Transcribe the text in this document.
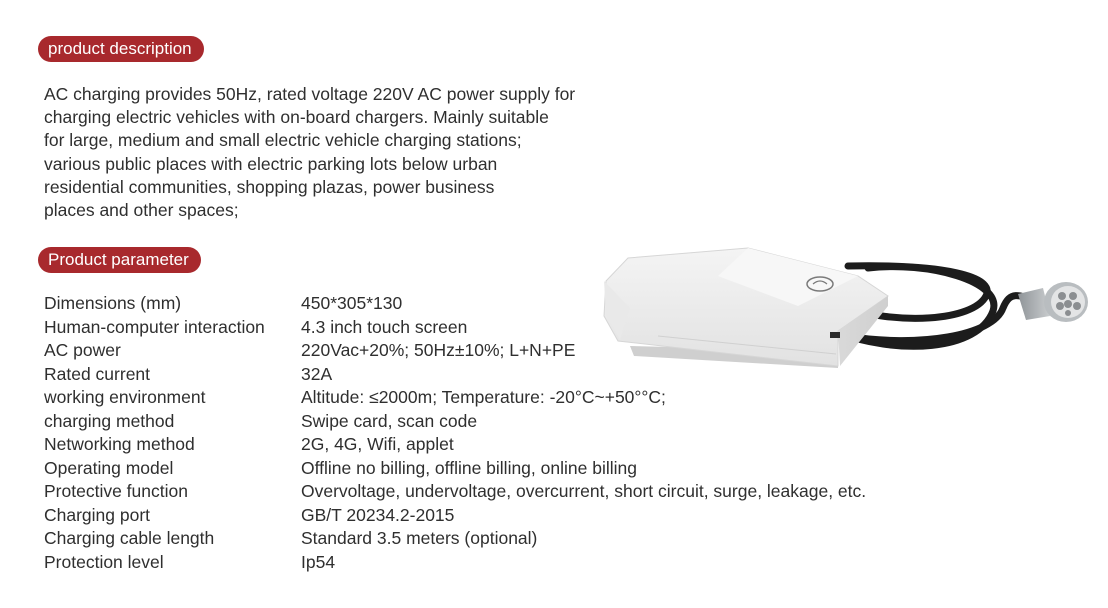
product description
AC charging provides 50Hz, rated voltage 220V AC power supply for
charging electric vehicles with on-board chargers. Mainly suitable
for large, medium and small electric vehicle charging stations;
various public places with electric parking lots below urban
residential communities, shopping plazas, power business
places and other spaces;
Product parameter
Dimensions (mm)	450*305*130
Human-computer interaction	4.3 inch touch screen
AC power	220Vac+20%; 50Hz±10%; L+N+PE
Rated current	32A
working environment	Altitude: ≤2000m; Temperature: -20°C~+50°°C;
charging method	Swipe card, scan code
Networking method	2G, 4G, Wifi, applet
Operating model	Offline no billing, offline billing, online billing
Protective function	Overvoltage, undervoltage, overcurrent, short circuit, surge, leakage, etc.
Charging port	GB/T 20234.2-2015
Charging cable length	Standard 3.5 meters (optional)
Protection level	Ip54
